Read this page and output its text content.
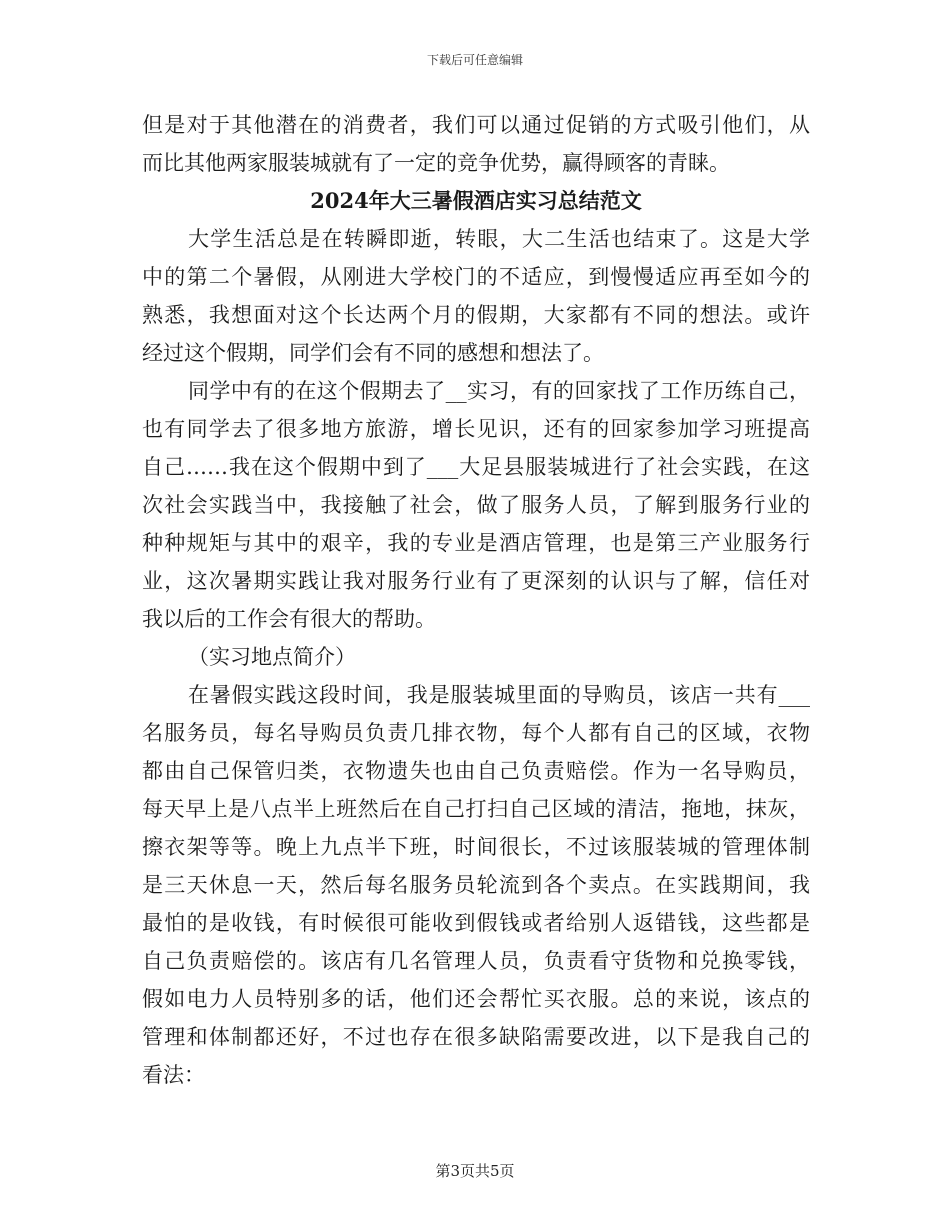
下载后可任意编辑
但是对于其他潜在的消费者，我们可以通过促销的方式吸引他们，从
而比其他两家服装城就有了一定的竞争优势，赢得顾客的青睐。
2024年大三暑假酒店实习总结范文
大学生活总是在转瞬即逝，转眼，大二生活也结束了。这是大学
中的第二个暑假，从刚进大学校门的不适应，到慢慢适应再至如今的
熟悉，我想面对这个长达两个月的假期，大家都有不同的想法。或许
经过这个假期，同学们会有不同的感想和想法了。
同学中有的在这个假期去了__实习，有的回家找了工作历练自己，
也有同学去了很多地方旅游，增长见识，还有的回家参加学习班提高
自己……我在这个假期中到了___大足县服装城进行了社会实践，在这
次社会实践当中，我接触了社会，做了服务人员，了解到服务行业的
种种规矩与其中的艰辛，我的专业是酒店管理，也是第三产业服务行
业，这次暑期实践让我对服务行业有了更深刻的认识与了解，信任对
我以后的工作会有很大的帮助。
（实习地点简介）
在暑假实践这段时间，我是服装城里面的导购员，该店一共有___
名服务员，每名导购员负责几排衣物，每个人都有自己的区域，衣物
都由自己保管归类，衣物遗失也由自己负责赔偿。作为一名导购员，
每天早上是八点半上班然后在自己打扫自己区域的清洁，拖地，抹灰，
擦衣架等等。晚上九点半下班，时间很长，不过该服装城的管理体制
是三天休息一天，然后每名服务员轮流到各个卖点。在实践期间，我
最怕的是收钱，有时候很可能收到假钱或者给别人返错钱，这些都是
自己负责赔偿的。该店有几名管理人员，负责看守货物和兑换零钱，
假如电力人员特别多的话，他们还会帮忙买衣服。总的来说，该点的
管理和体制都还好，不过也存在很多缺陷需要改进，以下是我自己的
看法：
第3页共5页
